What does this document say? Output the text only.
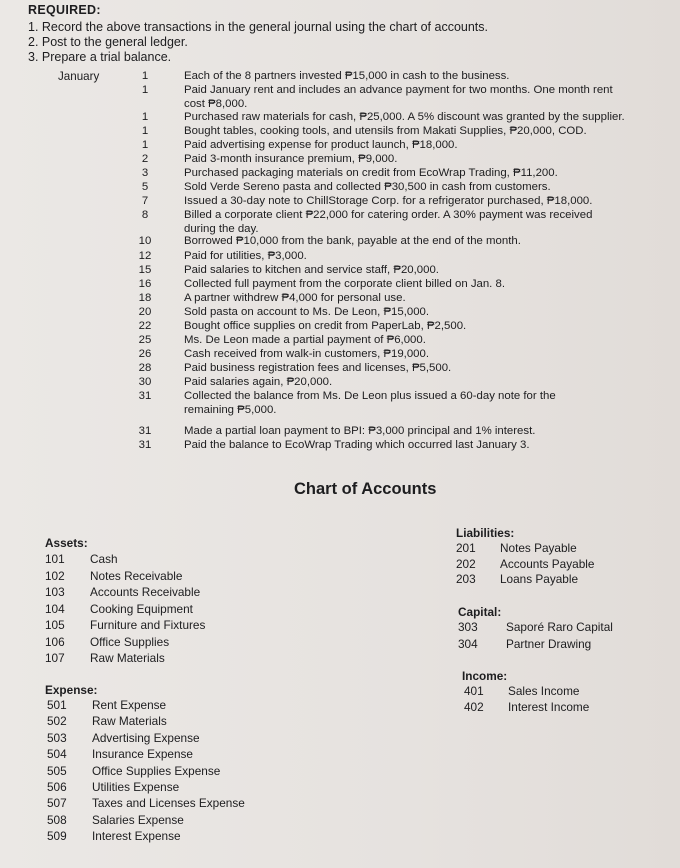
REQUIRED:
1. Record the above transactions in the general journal using the chart of accounts.
2. Post to the general ledger.
3. Prepare a trial balance.
January	1	Each of the 8 partners invested ₱15,000 in cash to the business.
1	Paid January rent and includes an advance payment for two months. One month rent
cost ₱8,000.
1	Purchased raw materials for cash, ₱25,000. A 5% discount was granted by the supplier.
1	Bought tables, cooking tools, and utensils from Makati Supplies, ₱20,000, COD.
1	Paid advertising expense for product launch, ₱18,000.
2	Paid 3-month insurance premium, ₱9,000.
3	Purchased packaging materials on credit from EcoWrap Trading, ₱11,200.
5	Sold Verde Sereno pasta and collected ₱30,500 in cash from customers.
7	Issued a 30-day note to ChillStorage Corp. for a refrigerator purchased, ₱18,000.
8	Billed a corporate client ₱22,000 for catering order. A 30% payment was received
during the day.
10	Borrowed ₱10,000 from the bank, payable at the end of the month.
12	Paid for utilities, ₱3,000.
15	Paid salaries to kitchen and service staff, ₱20,000.
16	Collected full payment from the corporate client billed on Jan. 8.
18	A partner withdrew ₱4,000 for personal use.
20	Sold pasta on account to Ms. De Leon, ₱15,000.
22	Bought office supplies on credit from PaperLab, ₱2,500.
25	Ms. De Leon made a partial payment of ₱6,000.
26	Cash received from walk-in customers, ₱19,000.
28	Paid business registration fees and licenses, ₱5,500.
30	Paid salaries again, ₱20,000.
31	Collected the balance from Ms. De Leon plus issued a 60-day note for the
remaining ₱5,000.
31	Made a partial loan payment to BPI: ₱3,000 principal and 1% interest.
31	Paid the balance to EcoWrap Trading which occurred last January 3.
Chart of Accounts
Assets:
101 Cash
102 Notes Receivable
103 Accounts Receivable
104 Cooking Equipment
105 Furniture and Fixtures
106 Office Supplies
107 Raw Materials
Liabilities:
201 Notes Payable
202 Accounts Payable
203 Loans Payable
Capital:
303 Saporé Raro Capital
304 Partner Drawing
Income:
401 Sales Income
402 Interest Income
Expense:
501 Rent Expense
502 Raw Materials
503 Advertising Expense
504 Insurance Expense
505 Office Supplies Expense
506 Utilities Expense
507 Taxes and Licenses Expense
508 Salaries Expense
509 Interest Expense
